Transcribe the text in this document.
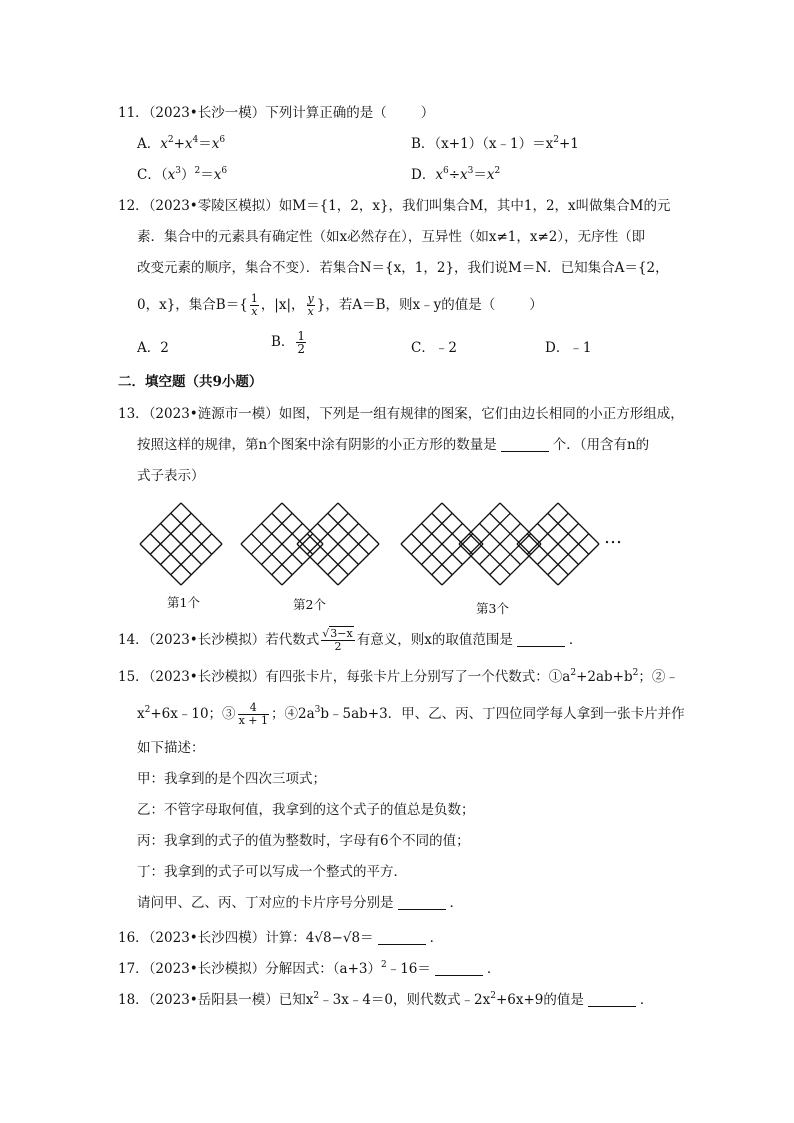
11．（2023•长沙一模）下列计算正确的是（	）
A．$x^2+x^4=x^6$	B．$(x+1)(x﹣1)=x^2+1$
C．$(x^3)^2=x^6$	D．$x^6\div x^3=x^2$
12．（2023•零陵区模拟）如M＝{1，2，x}，我们叫集合M，其中1，2，x叫做集合M的元
素．集合中的元素具有确定性（如x必然存在），互异性（如x≠1，x≠2），无序性（即
改变元素的顺序，集合不变）．若集合N＝{x，1，2}，我们说M＝N．已知集合A＝{2，
0，x}，集合$B=\{ \frac{1}{x}$ ，|x|， $\frac{y}{x}$ }，若A＝B，则x﹣y的值是（	）
A．2	B． $\frac{1}{2}$	C．﹣2	D．﹣1
二．填空题（共9小题）
13．（2023•涟源市一模）如图，下列是一组有规律的图案，它们由边长相同的小正方形组成，
按照这样的规律，第n个图案中涂有阴影的小正方形的数量是	个．（用含有n的
式子表示）
…
第1个	第2个	第3个
14．（2023•长沙模拟）若代数式 $\frac{√3-x}{2}$ 有意义，则x的取值范围是	．
15．（2023•长沙模拟）有四张卡片，每张卡片上分别写了一个代数式：$①a^2+2ab+b^2$；②﹣
$x^2+6x﹣10$；③ $\frac{4}{x + 1}$ ；$④2a^3b﹣5ab+3$．甲、乙、丙、丁四位同学每人拿到一张卡片并作
如下描述：
甲：我拿到的是个四次三项式；
乙：不管字母取何值，我拿到的这个式子的值总是负数；
丙：我拿到的式子的值为整数时，字母有6个不同的值；
丁：我拿到的式子可以写成一个整式的平方．
请问甲、乙、丙、丁对应的卡片序号分别是	．
16．（2023•长沙四模）计算：4√8−√8＝	．
17．（2023•长沙模拟）分解因式：$(a+3)^2﹣16=$	．
18．（2023•岳阳县一模）已知$x^2﹣3x﹣4=0$，则代数式$﹣2x^2+6x+9$的值是	．
